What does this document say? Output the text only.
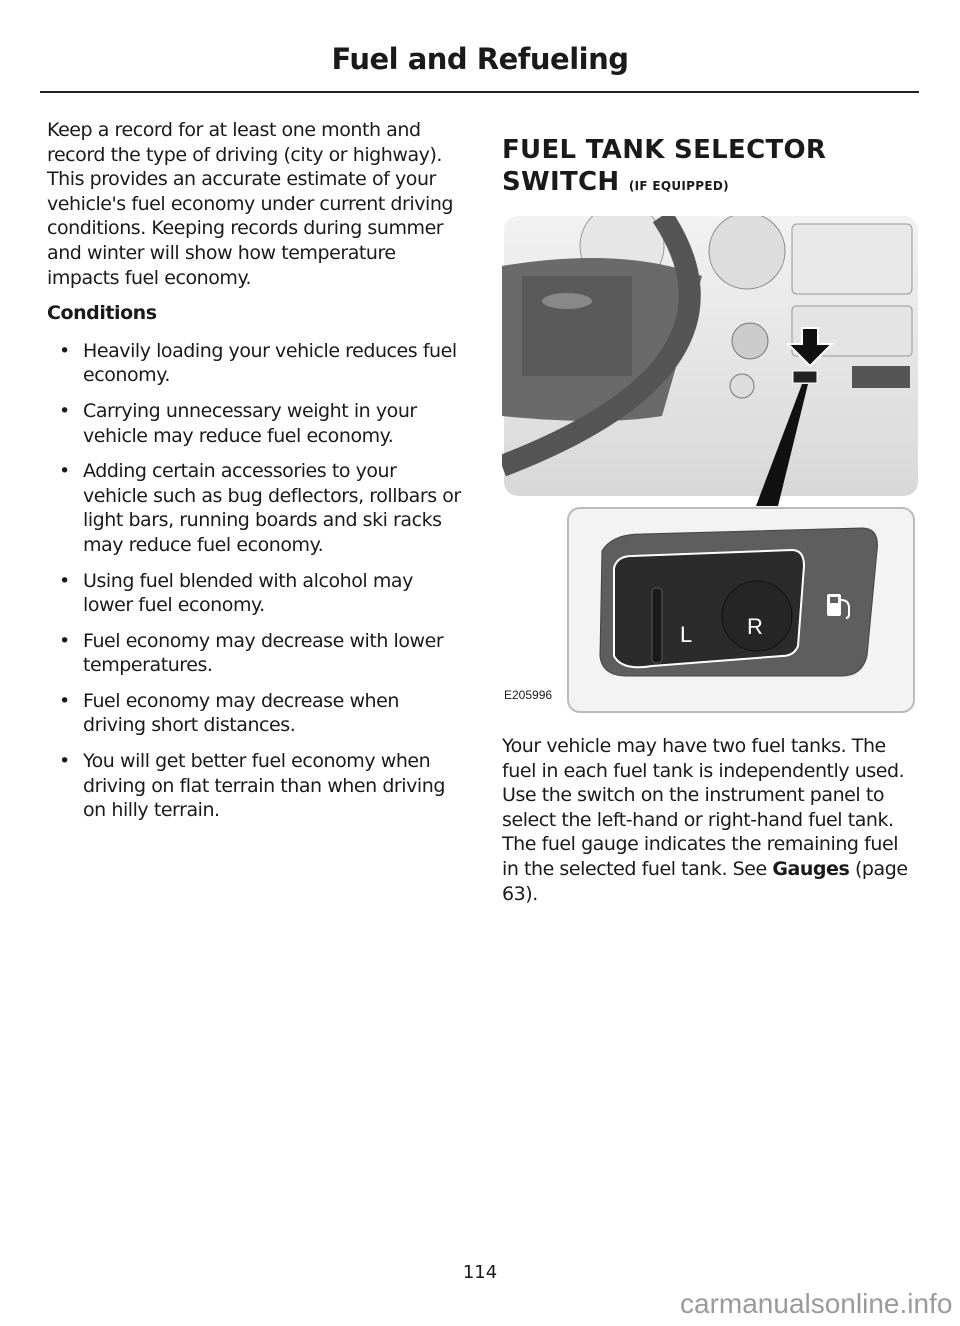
Fuel and Refueling

Keep a record for at least one month and record the type of driving (city or highway). This provides an accurate estimate of your vehicle's fuel economy under current driving conditions. Keeping records during summer and winter will show how temperature impacts fuel economy.

Conditions
• Heavily loading your vehicle reduces fuel economy.
• Carrying unnecessary weight in your vehicle may reduce fuel economy.
• Adding certain accessories to your vehicle such as bug deflectors, rollbars or light bars, running boards and ski racks may reduce fuel economy.
• Using fuel blended with alcohol may lower fuel economy.
• Fuel economy may decrease with lower temperatures.
• Fuel economy may decrease when driving short distances.
• You will get better fuel economy when driving on flat terrain than when driving on hilly terrain.
FUEL TANK SELECTOR SWITCH (IF EQUIPPED)
L	R
E205996

Your vehicle may have two fuel tanks. The fuel in each fuel tank is independently used. Use the switch on the instrument panel to select the left-hand or right-hand fuel tank. The fuel gauge indicates the remaining fuel in the selected fuel tank. See Gauges (page 63).

114
carmanualsonline.info
